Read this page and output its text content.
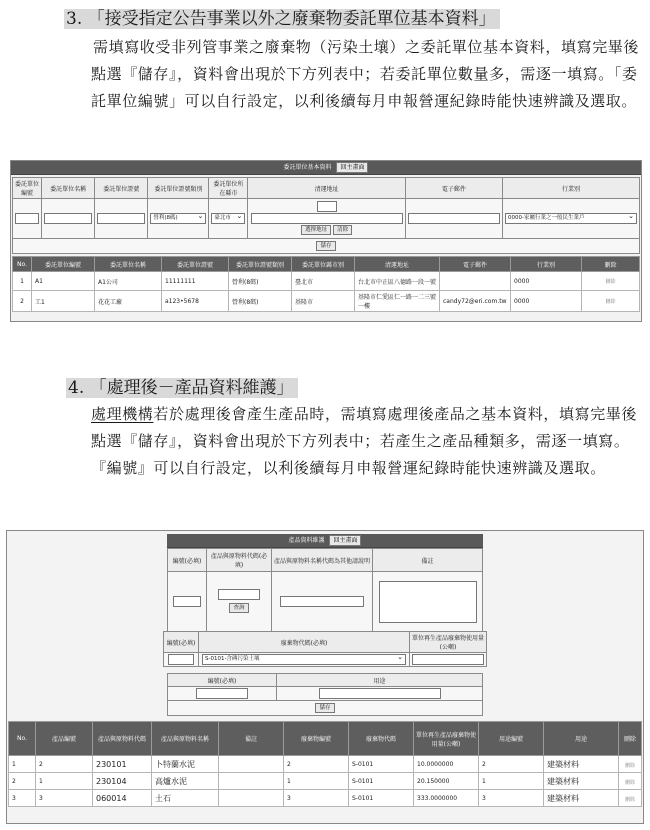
3. 「接受指定公告事業以外之廢棄物委託單位基本資料」
需填寫收受非列管事業之廢棄物（污染土壤）之委託單位基本資料，填寫完畢後點選『儲存』，資料會出現於下方列表中；若委託單位數量多，需逐一填寫。「委託單位編號」可以自行設定，以利後續每月申報營運紀錄時能快速辨識及選取。
委託單位基本資料 回主畫面
委託單位編號	委託單位名稱	委託單位證號	委託單位證號類別	委託單位所在縣市	清運地址	電子郵件	行業別
			營利(8碼) ⌄	臺北市 ⌄	選擇地址 清除		0000-家屬行業之一般民生業戶 ⌄
儲存							
No.	委託單位編號	委託單位名稱	委託單位證號	委託單位證號類別	委託單位縣市別	清運地址	電子郵件	行業別	刪除
1	A1	A1公司	11111111	營利(8碼)	臺北市	台北市中正區八德路一段一號		0000	刪除
2	工1	花花工廠	a123•5678	營利(8碼)	基隆市	基隆市仁愛區仁一路一二三號一樓	candy72@eri.com.tw	0000	刪除
4. 「處理後－產品資料維護」
處理機構若於處理後會產生產品時，需填寫處理後產品之基本資料，填寫完畢後點選『儲存』，資料會出現於下方列表中；若產生之產品種類多，需逐一填寫。『編號』可以自行設定，以利後續每月申報營運紀錄時能快速辨識及選取。
產品資料維護 回主畫面
編號(必填)	產品與原物料代碼(必填)	產品與原物料名稱代碼為其他請說明	備註

查詢		
編號(必填)	廢棄物代碼(必填)	單位再生產品廢棄物使用量(公噸)
	S-0101-含磚污染土壤 ⌄	
編號(必填)	用途

儲存	
No.	產品編號	產品與原物料代碼	產品與原物料名稱	備註	廢棄物編號	廢棄物代碼	單位再生產品廢棄物使用量(公噸)	用途編號	用途	刪除
1	2	230101	卜特蘭水泥		2	S-0101	10.0000000	2	建築材料	刪除
2	1	230104	高爐水泥		1	S-0101	20.150000	1	建築材料	刪除
3	3	060014	土石		3	S-0101	333.0000000	3	建築材料	刪除
